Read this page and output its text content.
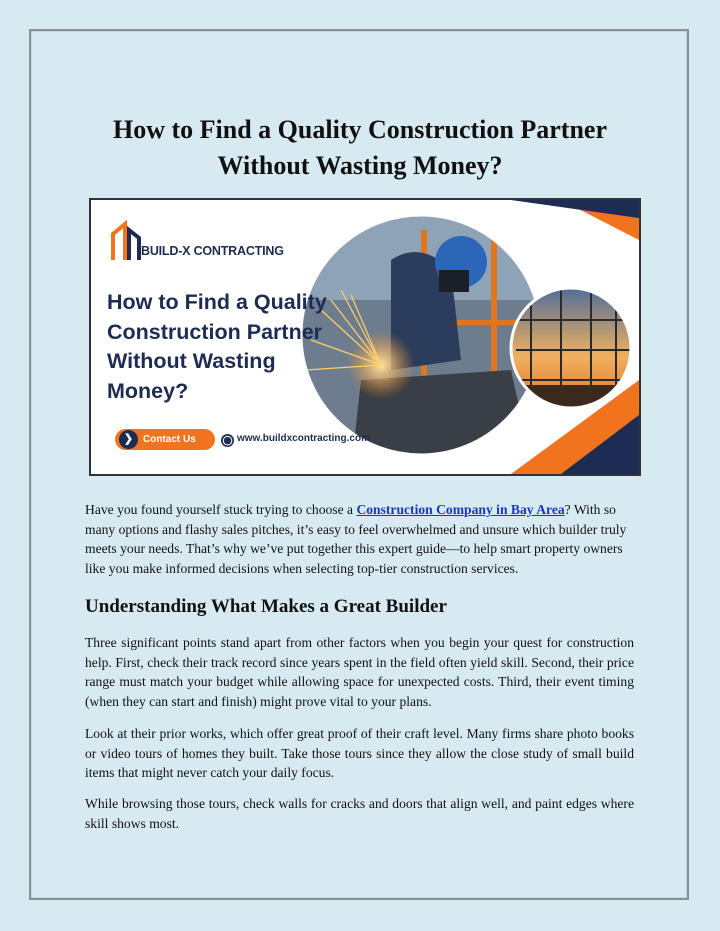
How to Find a Quality Construction Partner
Without Wasting Money?
BUILD-X CONTRACTING
How to Find a Quality
Construction Partner
Without Wasting
Money?
❯ Contact Us	◯ www.buildxcontracting.com
Have you found yourself stuck trying to choose a Construction Company in Bay Area? With so many options and flashy sales pitches, it’s easy to feel overwhelmed and unsure which builder truly meets your needs. That’s why we’ve put together this expert guide—to help smart property owners like you make informed decisions when selecting top-tier construction services.
Understanding What Makes a Great Builder
Three significant points stand apart from other factors when you begin your quest for construction help. First, check their track record since years spent in the field often yield skill. Second, their price range must match your budget while allowing space for unexpected costs. Third, their event timing (when they can start and finish) might prove vital to your plans.
Look at their prior works, which offer great proof of their craft level. Many firms share photo books or video tours of homes they built. Take those tours since they allow the close study of small build items that might never catch your daily focus.
While browsing those tours, check walls for cracks and doors that align well, and paint edges where skill shows most.
